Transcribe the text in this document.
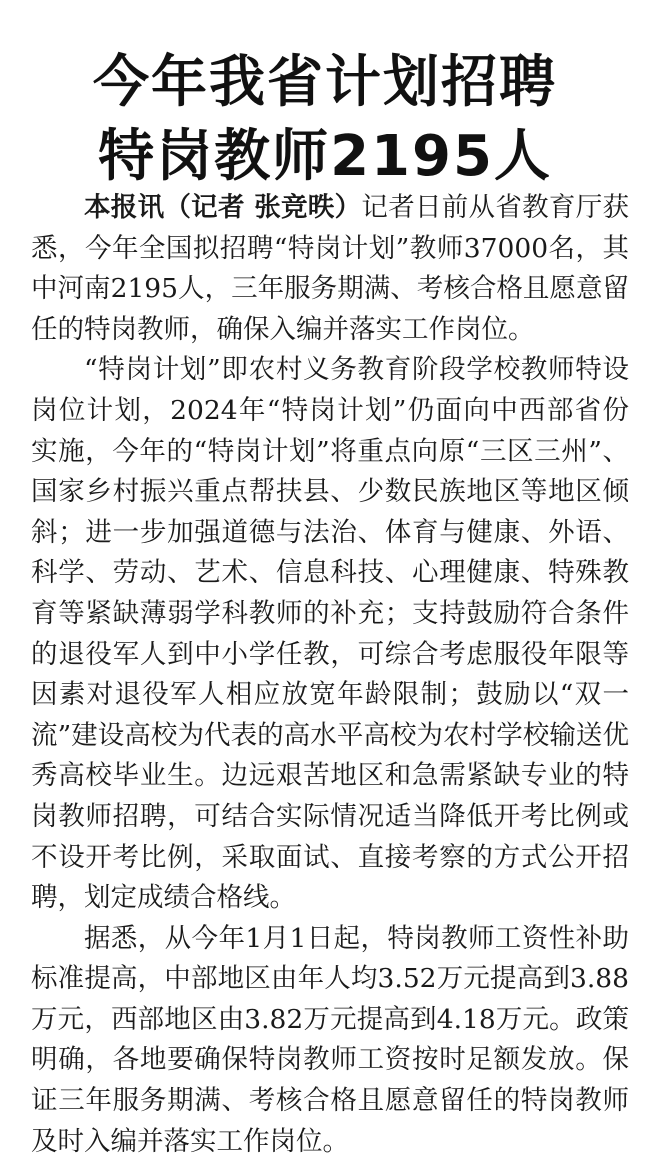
今年我省计划招聘
特岗教师2195人

本报讯（记者 张竞昳）记者日前从省教育厅获悉，今年全国拟招聘“特岗计划”教师37000名，其中河南2195人，三年服务期满、考核合格且愿意留任的特岗教师，确保入编并落实工作岗位。

“特岗计划”即农村义务教育阶段学校教师特设岗位计划，2024年“特岗计划”仍面向中西部省份实施，今年的“特岗计划”将重点向原“三区三州”、国家乡村振兴重点帮扶县、少数民族地区等地区倾斜；进一步加强道德与法治、体育与健康、外语、科学、劳动、艺术、信息科技、心理健康、特殊教育等紧缺薄弱学科教师的补充；支持鼓励符合条件的退役军人到中小学任教，可综合考虑服役年限等因素对退役军人相应放宽年龄限制；鼓励以“双一流”建设高校为代表的高水平高校为农村学校输送优秀高校毕业生。边远艰苦地区和急需紧缺专业的特岗教师招聘，可结合实际情况适当降低开考比例或不设开考比例，采取面试、直接考察的方式公开招聘，划定成绩合格线。

据悉，从今年1月1日起，特岗教师工资性补助标准提高，中部地区由年人均3.52万元提高到3.88万元，西部地区由3.82万元提高到4.18万元。政策明确，各地要确保特岗教师工资按时足额发放。保证三年服务期满、考核合格且愿意留任的特岗教师及时入编并落实工作岗位。
